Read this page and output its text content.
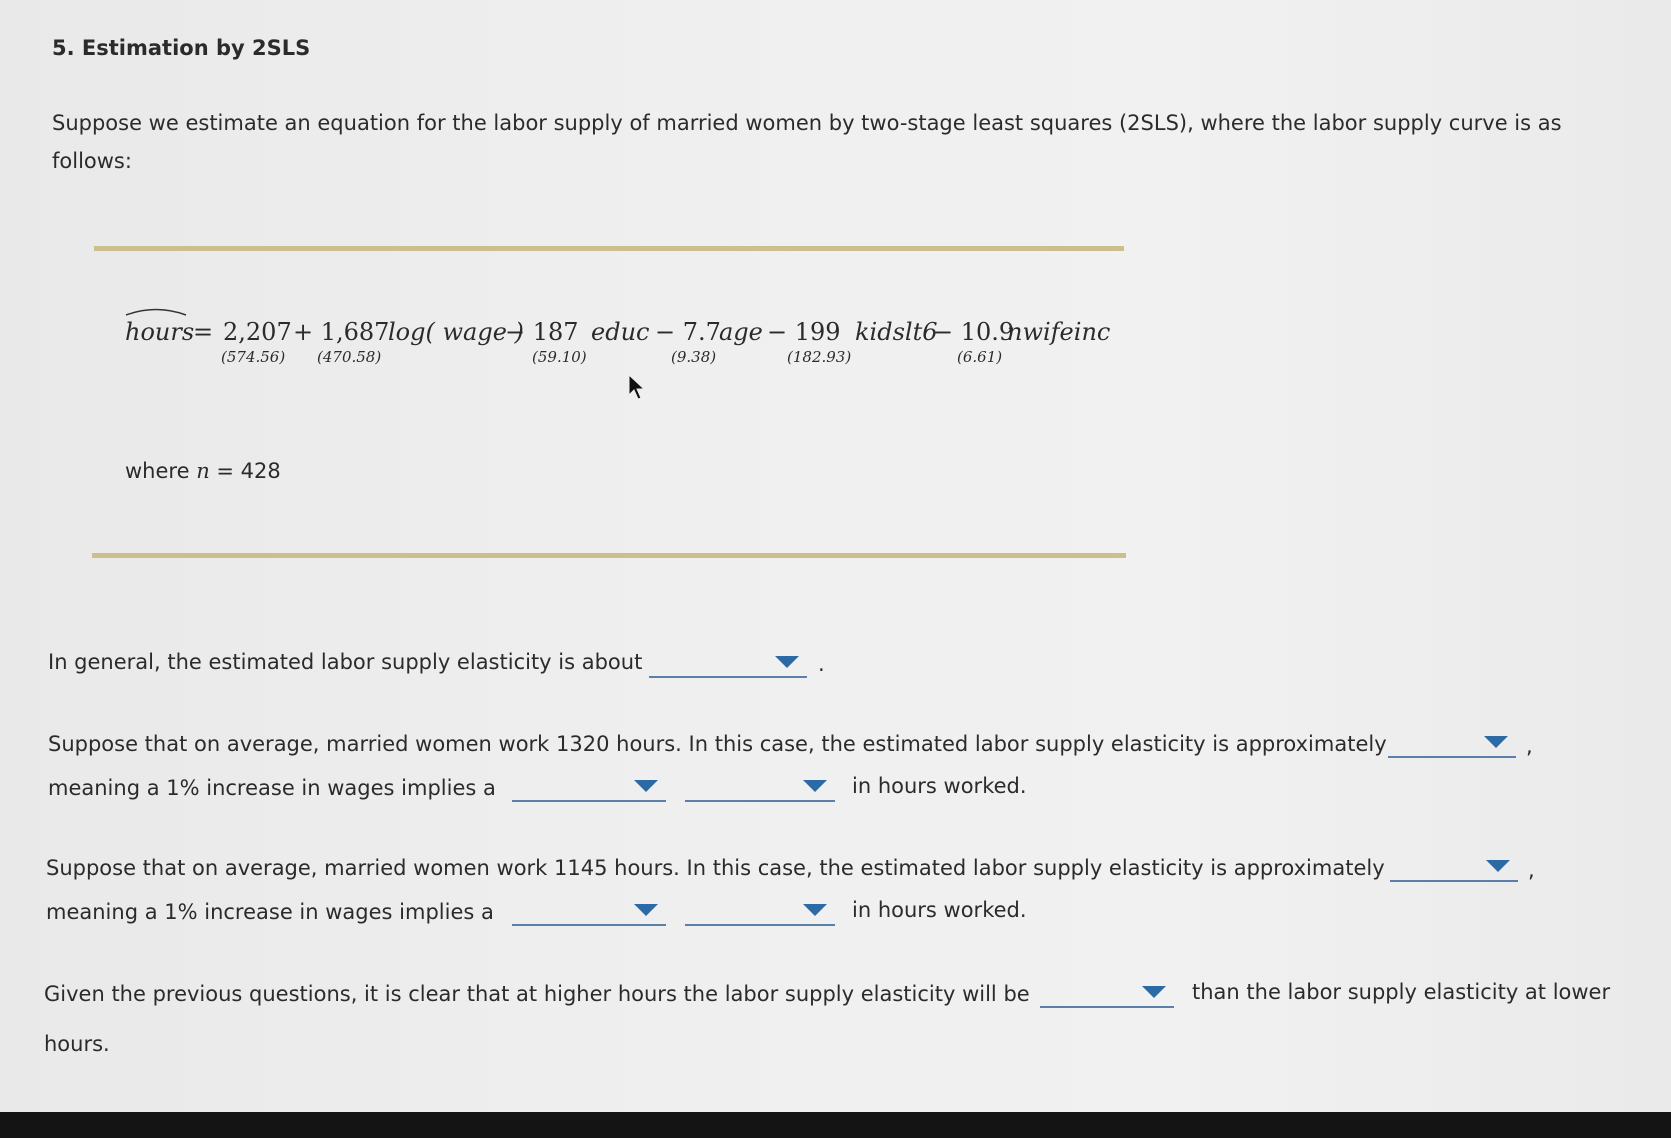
5. Estimation by 2SLS
Suppose we estimate an equation for the labor supply of married women by two-stage least squares (2SLS), where the labor supply curve is as follows:
hours
= 2,207
(574.56)
+ 1,687
(470.58)
log( wage )
− 187
(59.10)
educ − 7.7
(9.38)
age − 199
(182.93)
kidslt6
− 10.9
(6.61)
nwifeinc
where n = 428
In general, the estimated labor supply elasticity is about	.
Suppose that on average, married women work 1320 hours. In this case, the estimated labor supply elasticity is approximately	,
meaning a 1% increase in wages implies a	in hours worked.
Suppose that on average, married women work 1145 hours. In this case, the estimated labor supply elasticity is approximately	,
meaning a 1% increase in wages implies a	in hours worked.
Given the previous questions, it is clear that at higher hours the labor supply elasticity will be	than the labor supply elasticity at lower
hours.
